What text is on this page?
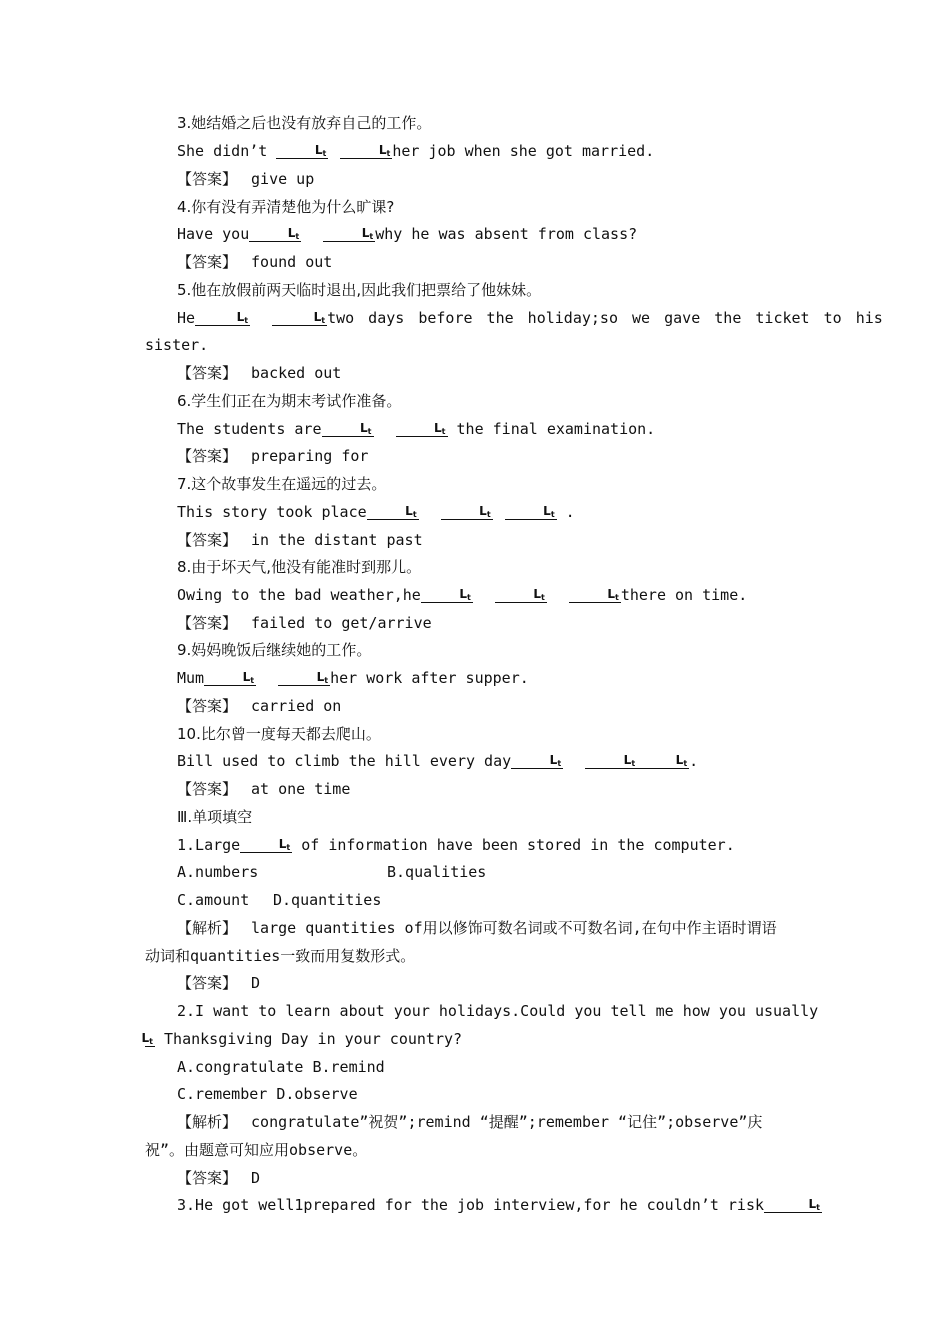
3.她结婚之后也没有放弃自己的工作。
She didn’t	$L_t$	$L_t$ her job when she got married.
【答案】 give up
4.你有没有弄清楚他为什么旷课?
Have you	$L_t$	$L_t$ why he was absent from class?
【答案】 found out
5.他在放假前两天临时退出,因此我们把票给了他妹妹。
He	$L_t$	$L_t$ two days before the holiday;so we gave the ticket to his
sister.
【答案】 backed out
6.学生们正在为期末考试作准备。
The students are	$L_t$	$L_t$ the final examination.
【答案】 preparing for
7.这个故事发生在遥远的过去。
This story took place	$L_t$	$L_t$	$L_t$ .
【答案】 in the distant past
8.由于坏天气,他没有能准时到那儿。
Owing to the bad weather,he	$L_t$	$L_t$	$L_t$ there on time.
【答案】 failed to get/arrive
9.妈妈晚饭后继续她的工作。
Mum	$L_t$	$L_t$ her work after supper.
【答案】 carried on
10.比尔曾一度每天都去爬山。
Bill used to climb the hill every day	$L_t$	$L_t$	$L_t$ .
【答案】 at one time
Ⅲ.单项填空
1.Large	$L_t$ of information have been stored in the computer.
A.numbers	B.qualities
C.amount D.quantities
【解析】 large quantities of用以修饰可数名词或不可数名词,在句中作主语时谓语
动词和quantities一致而用复数形式。
【答案】 D
2.I want to learn about your holidays.Could you tell me how you usually
$L_t$ Thanksgiving Day in your country?
A.congratulate B.remind
C.remember D.observe
【解析】 congratulate”祝贺”;remind “提醒”;remember “记住”;observe”庆
祝”。由题意可知应用observe。
【答案】 D
3.He got well1prepared for the job interview,for he couldn’t risk	$L_t$
